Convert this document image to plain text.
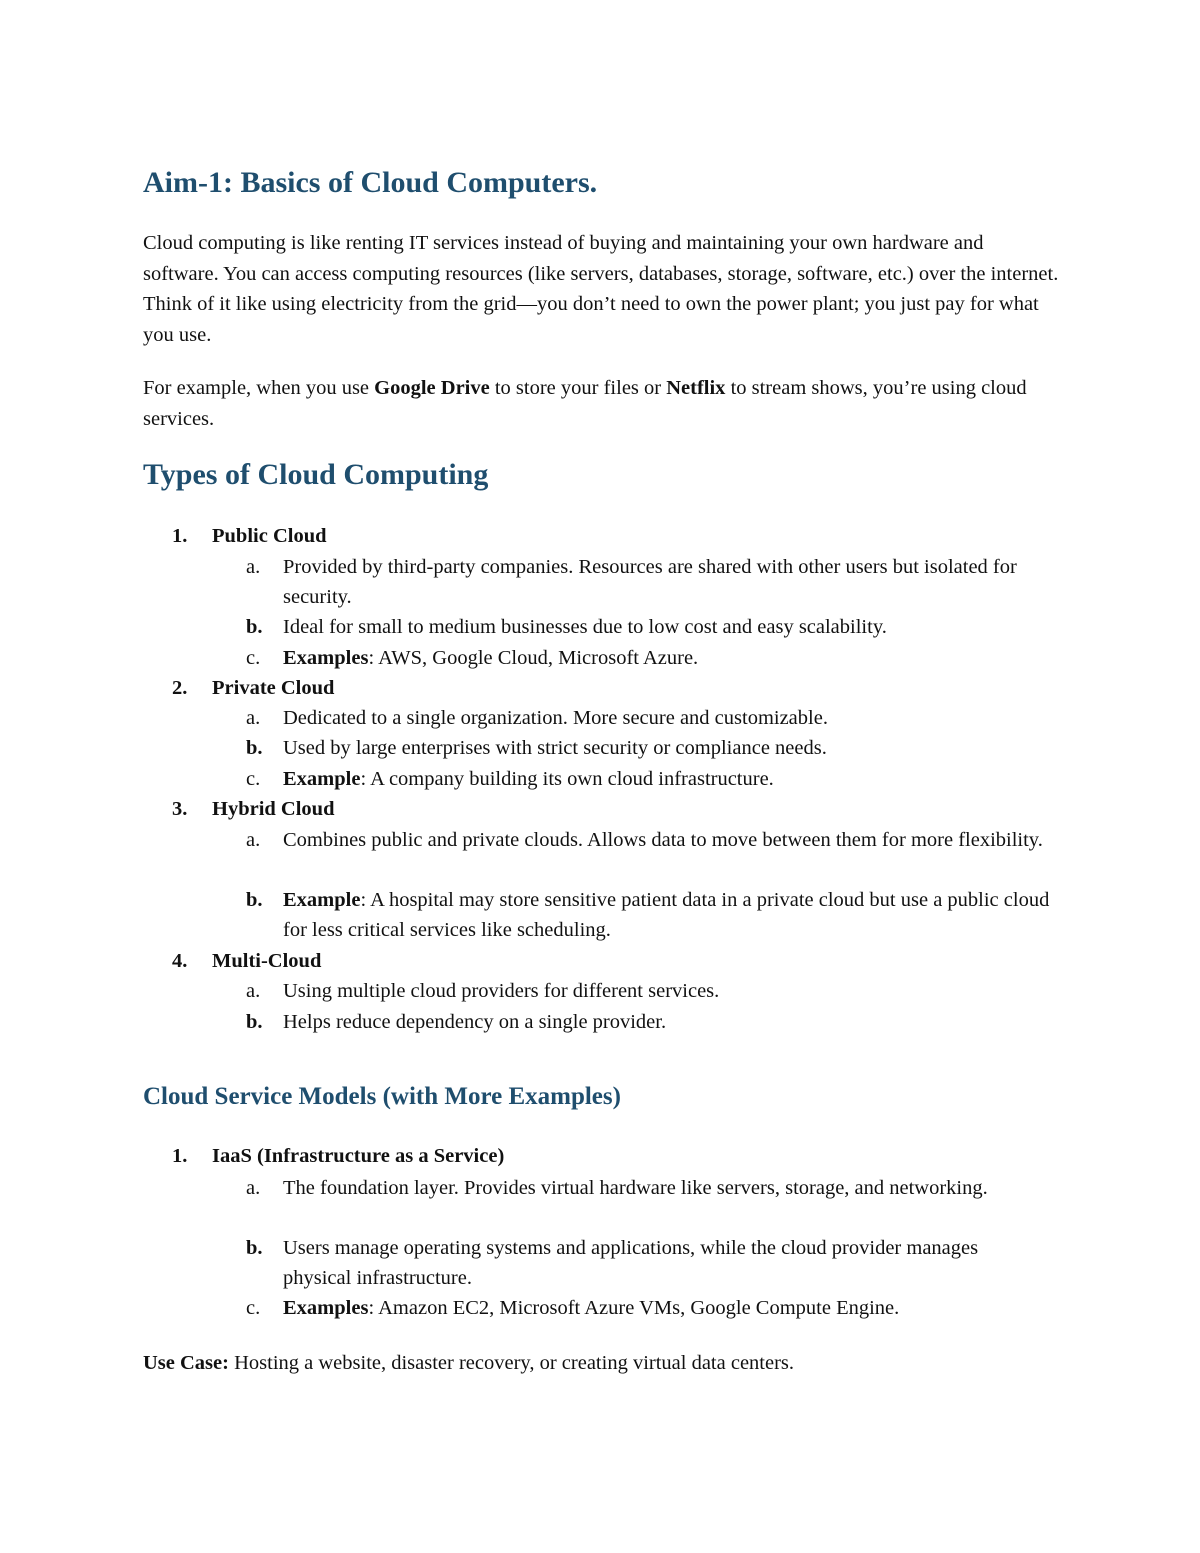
Aim-1: Basics of Cloud Computers.

Cloud computing is like renting IT services instead of buying and maintaining your own hardware and software. You can access computing resources (like servers, databases, storage, software, etc.) over the internet. Think of it like using electricity from the grid—you don’t need to own the power plant; you just pay for what you use.

For example, when you use Google Drive to store your files or Netflix to stream shows, you’re using cloud services.

Types of Cloud Computing
1. Public Cloud
a.	Provided by third-party companies. Resources are shared with other users but isolated for security.

b. Ideal for small to medium businesses due to low cost and easy scalability.

c.	Examples: AWS, Google Cloud, Microsoft Azure.

2. Private Cloud
a.	Dedicated to a single organization. More secure and customizable.

b. Used by large enterprises with strict security or compliance needs.

c.	Example: A company building its own cloud infrastructure.

3. Hybrid Cloud
a.	Combines public and private clouds. Allows data to move between them for more flexibility.

b. Example: A hospital may store sensitive patient data in a private cloud but use a public cloud for less critical services like scheduling.

4. Multi-Cloud
a.	Using multiple cloud providers for different services.

b. Helps reduce dependency on a single provider.

Cloud Service Models (with More Examples)
1. IaaS (Infrastructure as a Service)
a.	The foundation layer. Provides virtual hardware like servers, storage, and networking.

b. Users manage operating systems and applications, while the cloud provider manages physical infrastructure.

c.	Examples: Amazon EC2, Microsoft Azure VMs, Google Compute Engine.

Use Case: Hosting a website, disaster recovery, or creating virtual data centers.
